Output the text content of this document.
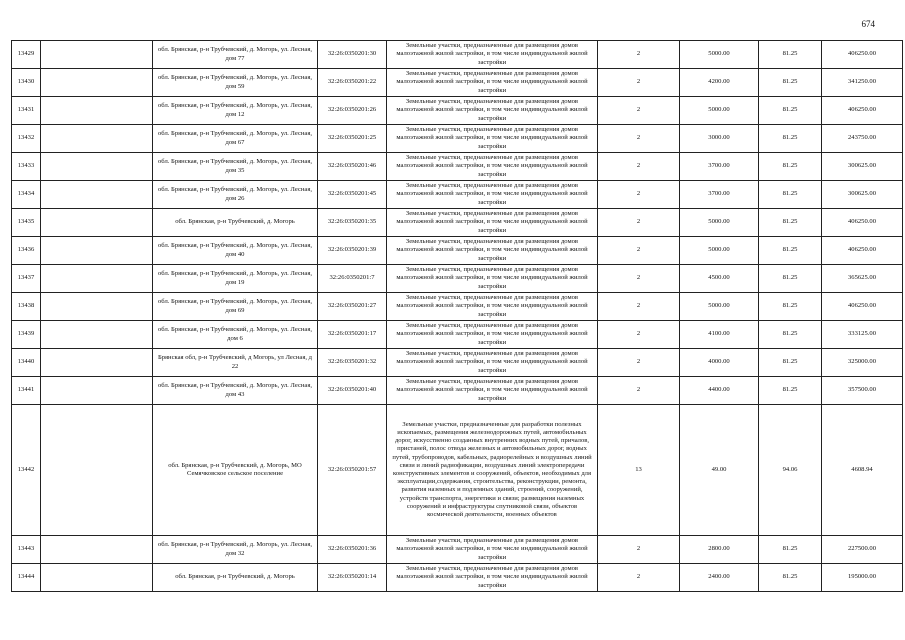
674
13429		обл. Брянская, р-н Трубчевский, д. Могорь, ул. Лесная, дом 77	32:26:0350201:30	Земельные участки, предназначенные для размещения домов малоэтажной жилой застройки, в том числе индивидуальной жилой застройки	2	5000.00	81.25	406250.00
13430		обл. Брянская, р-н Трубчевский, д. Могорь, ул. Лесная, дом 59	32:26:0350201:22	Земельные участки, предназначенные для размещения домов малоэтажной жилой застройки, в том числе индивидуальной жилой застройки	2	4200.00	81.25	341250.00
13431		обл. Брянская, р-н Трубчевский, д. Могорь, ул. Лесная, дом 12	32:26:0350201:26	Земельные участки, предназначенные для размещения домов малоэтажной жилой застройки, в том числе индивидуальной жилой застройки	2	5000.00	81.25	406250.00
13432		обл. Брянская, р-н Трубчевский, д. Могорь, ул. Лесная, дом 67	32:26:0350201:25	Земельные участки, предназначенные для размещения домов малоэтажной жилой застройки, в том числе индивидуальной жилой застройки	2	3000.00	81.25	243750.00
13433		обл. Брянская, р-н Трубчевский, д. Могорь, ул. Лесная, дом 35	32:26:0350201:46	Земельные участки, предназначенные для размещения домов малоэтажной жилой застройки, в том числе индивидуальной жилой застройки	2	3700.00	81.25	300625.00
13434		обл. Брянская, р-н Трубчевский, д. Могорь, ул. Лесная, дом 26	32:26:0350201:45	Земельные участки, предназначенные для размещения домов малоэтажной жилой застройки, в том числе индивидуальной жилой застройки	2	3700.00	81.25	300625.00
13435		обл. Брянская, р-н Трубчевский, д. Могорь	32:26:0350201:35	Земельные участки, предназначенные для размещения домов малоэтажной жилой застройки, в том числе индивидуальной жилой застройки	2	5000.00	81.25	406250.00
13436		обл. Брянская, р-н Трубчевский, д. Могорь, ул. Лесная, дом 40	32:26:0350201:39	Земельные участки, предназначенные для размещения домов малоэтажной жилой застройки, в том числе индивидуальной жилой застройки	2	5000.00	81.25	406250.00
13437		обл. Брянская, р-н Трубчевский, д. Могорь, ул. Лесная, дом 19	32:26:0350201:7	Земельные участки, предназначенные для размещения домов малоэтажной жилой застройки, в том числе индивидуальной жилой застройки	2	4500.00	81.25	365625.00
13438		обл. Брянская, р-н Трубчевский, д. Могорь, ул. Лесная, дом 69	32:26:0350201:27	Земельные участки, предназначенные для размещения домов малоэтажной жилой застройки, в том числе индивидуальной жилой застройки	2	5000.00	81.25	406250.00
13439		обл. Брянская, р-н Трубчевский, д. Могорь, ул. Лесная, дом 6	32:26:0350201:17	Земельные участки, предназначенные для размещения домов малоэтажной жилой застройки, в том числе индивидуальной жилой застройки	2	4100.00	81.25	333125.00
13440		Брянская обл, р-н Трубчевский, д Могорь, ул Лесная, д 22	32:26:0350201:32	Земельные участки, предназначенные для размещения домов малоэтажной жилой застройки, в том числе индивидуальной жилой застройки	2	4000.00	81.25	325000.00
13441		обл. Брянская, р-н Трубчевский, д. Могорь, ул. Лесная, дом 43	32:26:0350201:40	Земельные участки, предназначенные для размещения домов малоэтажной жилой застройки, в том числе индивидуальной жилой застройки	2	4400.00	81.25	357500.00
13442		обл. Брянская, р-н Трубчевский, д. Могорь, МО Семячковское сельское поселение	32:26:0350201:57	Земельные участки, предназначенные для разработки полезных ископаемых, размещения железнодорожных путей, автомобильных дорог, искусственно созданных внутренних водных путей, причалов, пристаней, полос отвода железных и автомобильных дорог, водных путей, трубопроводов, кабельных, радиорелейных и воздушных линий связи и линий радиофикации, воздушных линий электропередачи конструктивных элементов и сооружений, объектов, необходимых для эксплуатации,содержания, строительства, реконструкции, ремонта, развития наземных и подземных зданий, строений, сооружений, устройств транспорта, энергетики и связи; размещения наземных сооружений и инфраструктуры спутниковой связи, объектов космической деятельности, военных объектов	13	49.00	94.06	4608.94
13443		обл. Брянская, р-н Трубчевский, д. Могорь, ул. Лесная, дом 32	32:26:0350201:36	Земельные участки, предназначенные для размещения домов малоэтажной жилой застройки, в том числе индивидуальной жилой застройки	2	2800.00	81.25	227500.00
13444		обл. Брянская, р-н Трубчевский, д. Могорь	32:26:0350201:14	Земельные участки, предназначенные для размещения домов малоэтажной жилой застройки, в том числе индивидуальной жилой застройки	2	2400.00	81.25	195000.00
